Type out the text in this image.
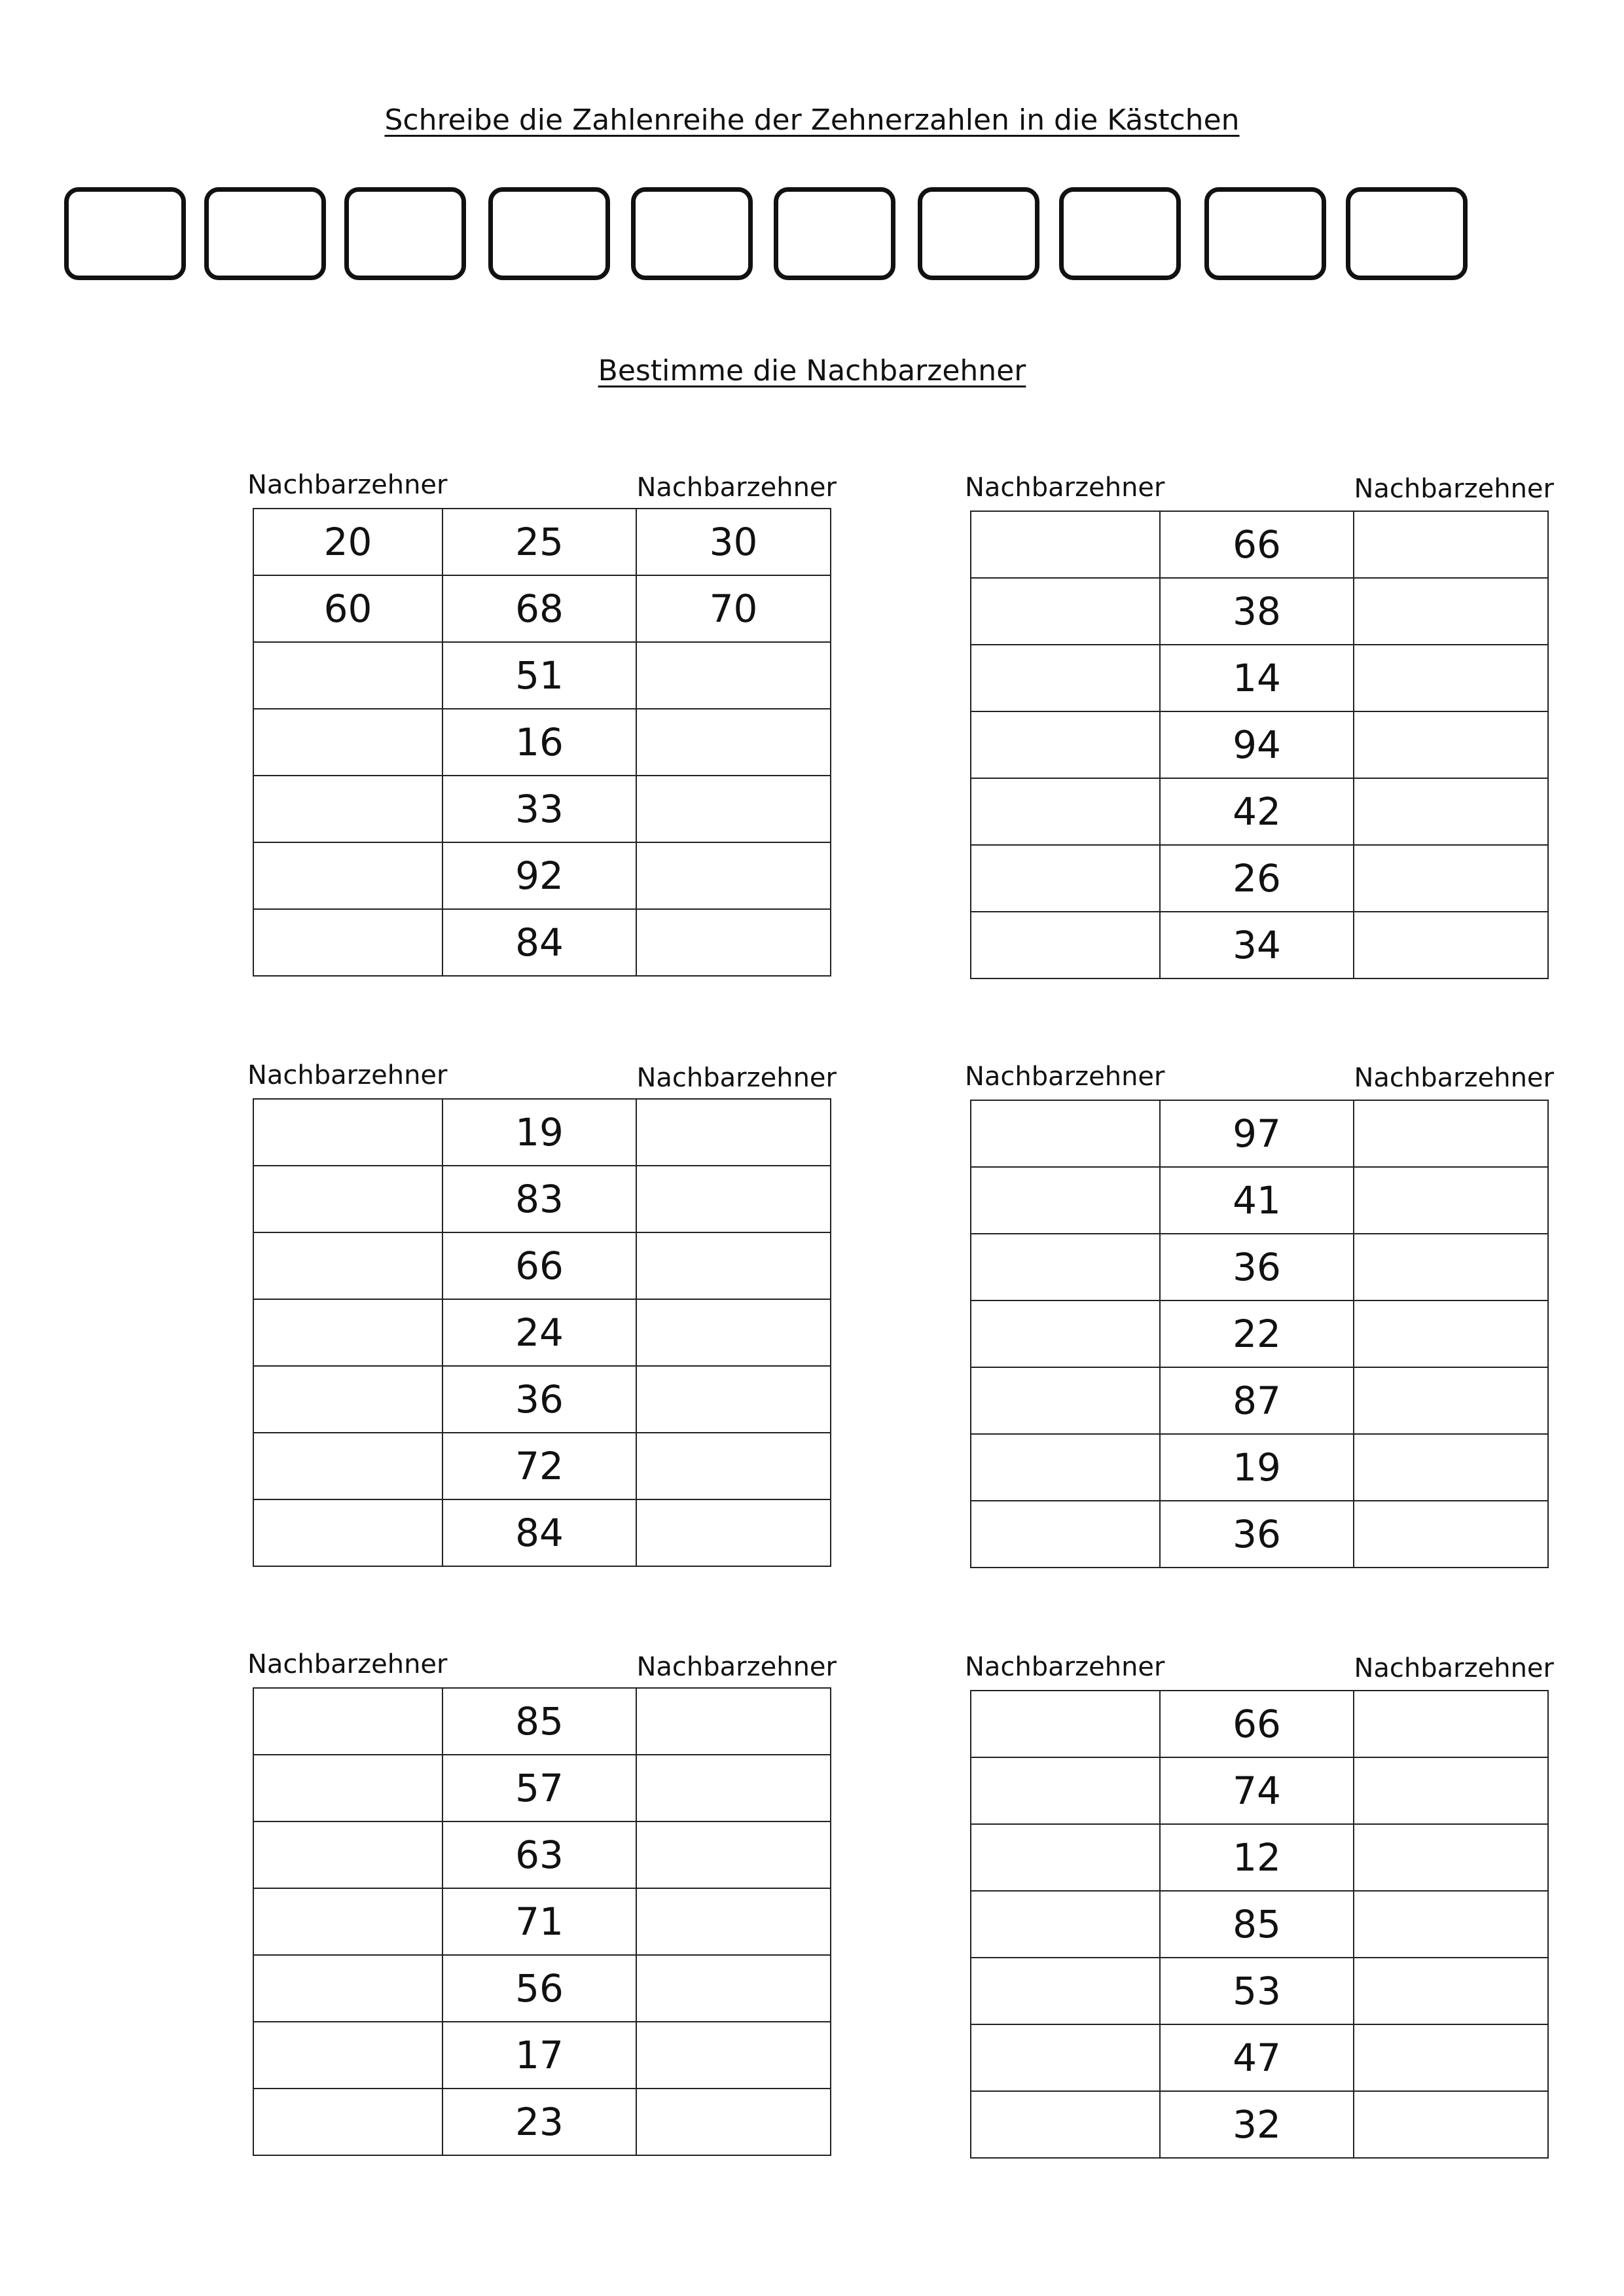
Schreibe die Zahlenreihe der Zehnerzahlen in die Kästchen
Bestimme die Nachbarzehner
Nachbarzehner	Nachbarzehner
20	25	30
60	68	70
	51	
	16	
	33	
	92	
	84	
Nachbarzehner	Nachbarzehner
	66	
	38	
	14	
	94	
	42	
	26	
	34	
Nachbarzehner	Nachbarzehner
	19	
	83	
	66	
	24	
	36	
	72	
	84	
Nachbarzehner	Nachbarzehner
	97	
	41	
	36	
	22	
	87	
	19	
	36	
Nachbarzehner	Nachbarzehner
	85	
	57	
	63	
	71	
	56	
	17	
	23	
Nachbarzehner	Nachbarzehner
	66	
	74	
	12	
	85	
	53	
	47	
	32	
